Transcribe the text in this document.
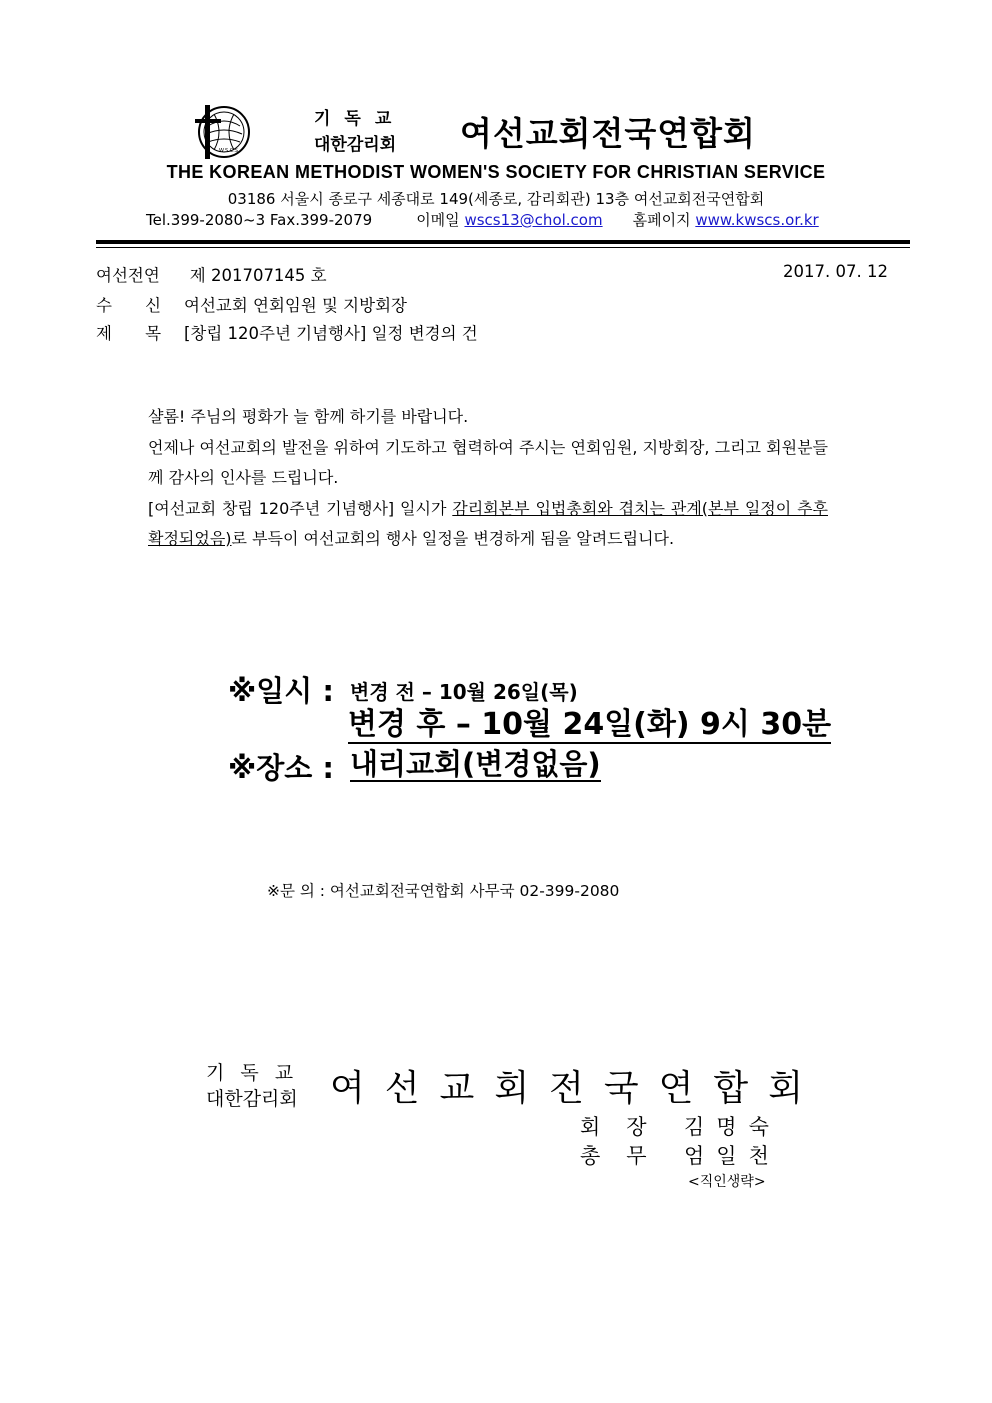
W.S.C.S
기독교
대한감리회 여선교회전국연합회
THE KOREAN METHODIST WOMEN'S SOCIETY FOR CHRISTIAN SERVICE
03186 서울시 종로구 세종대로 149(세종로, 감리회관) 13층 여선교회전국연합회
Tel.399-2080~3 Fax.399-2079	이메일 wscs13@chol.com 홈페이지 www.kwscs.or.kr
여선전연 제 201707145 호	2017. 07. 12
수 신 여선교회 연회임원 및 지방회장
제 목 [창립 120주년 기념행사] 일정 변경의 건

샬롬! 주님의 평화가 늘 함께 하기를 바랍니다.

언제나 여선교회의 발전을 위하여 기도하고 협력하여 주시는 연회임원, 지방회장, 그리고 회원분들께 감사의 인사를 드립니다.

[여선교회 창립 120주년 기념행사] 일시가 감리회본부 입법총회와 겹치는 관계(본부 일정이 추후 확정되었음)로 부득이 여선교회의 행사 일정을 변경하게 됨을 알려드립니다.

※일시 : 변경 전 – 10월 26일(목)
변경 후 – 10월 24일(화) 9시 30분
※장소 : 내리교회(변경없음)
※문 의 : 여선교회전국연합회 사무국 02-399-2080
기독교
대한감리회 여선교회전국연합회
회장 김명숙
총무 엄일천
<직인생략>
